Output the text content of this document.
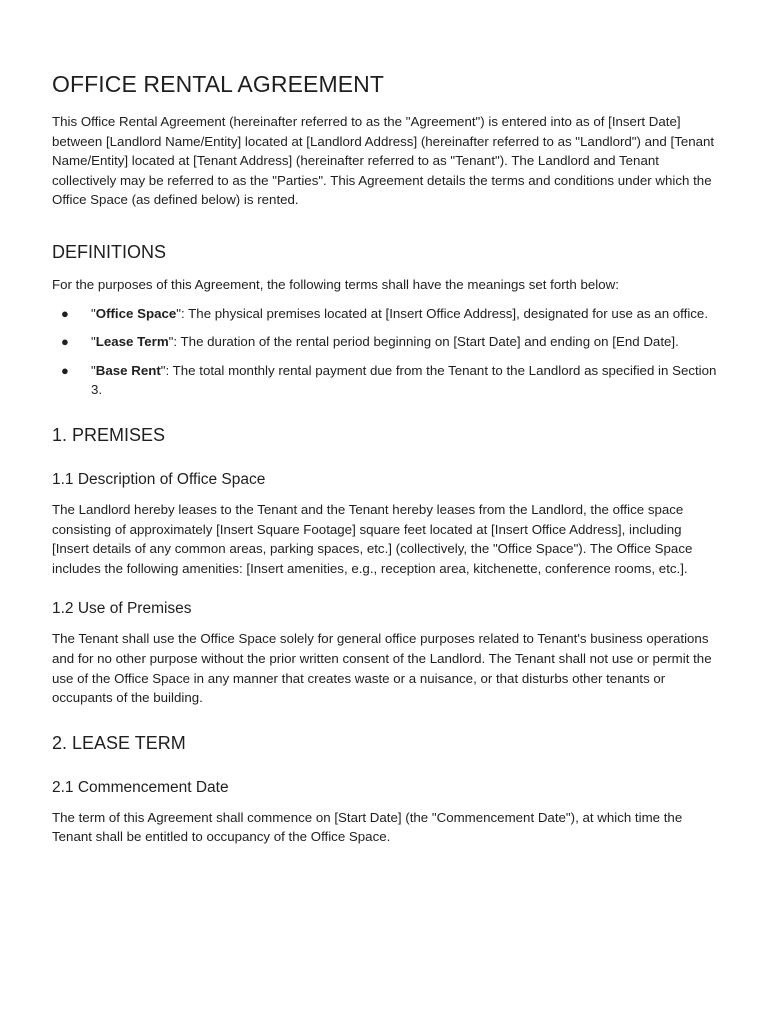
OFFICE RENTAL AGREEMENT

This Office Rental Agreement (hereinafter referred to as the "Agreement") is entered into as of [Insert Date] between [Landlord Name/Entity] located at [Landlord Address] (hereinafter referred to as "Landlord") and [Tenant Name/Entity] located at [Tenant Address] (hereinafter referred to as "Tenant"). The Landlord and Tenant collectively may be referred to as the "Parties". This Agreement details the terms and conditions under which the Office Space (as defined below) is rented.

DEFINITIONS

For the purposes of this Agreement, the following terms shall have the meanings set forth below:

● "Office Space": The physical premises located at [Insert Office Address], designated for use as an office.
● "Lease Term": The duration of the rental period beginning on [Start Date] and ending on [End Date].
● "Base Rent": The total monthly rental payment due from the Tenant to the Landlord as specified in Section 3.
1. PREMISES
1.1 Description of Office Space

The Landlord hereby leases to the Tenant and the Tenant hereby leases from the Landlord, the office space consisting of approximately [Insert Square Footage] square feet located at [Insert Office Address], including [Insert details of any common areas, parking spaces, etc.] (collectively, the "Office Space"). The Office Space includes the following amenities: [Insert amenities, e.g., reception area, kitchenette, conference rooms, etc.].

1.2 Use of Premises

The Tenant shall use the Office Space solely for general office purposes related to Tenant's business operations and for no other purpose without the prior written consent of the Landlord. The Tenant shall not use or permit the use of the Office Space in any manner that creates waste or a nuisance, or that disturbs other tenants or occupants of the building.

2. LEASE TERM
2.1 Commencement Date

The term of this Agreement shall commence on [Start Date] (the "Commencement Date"), at which time the Tenant shall be entitled to occupancy of the Office Space.
